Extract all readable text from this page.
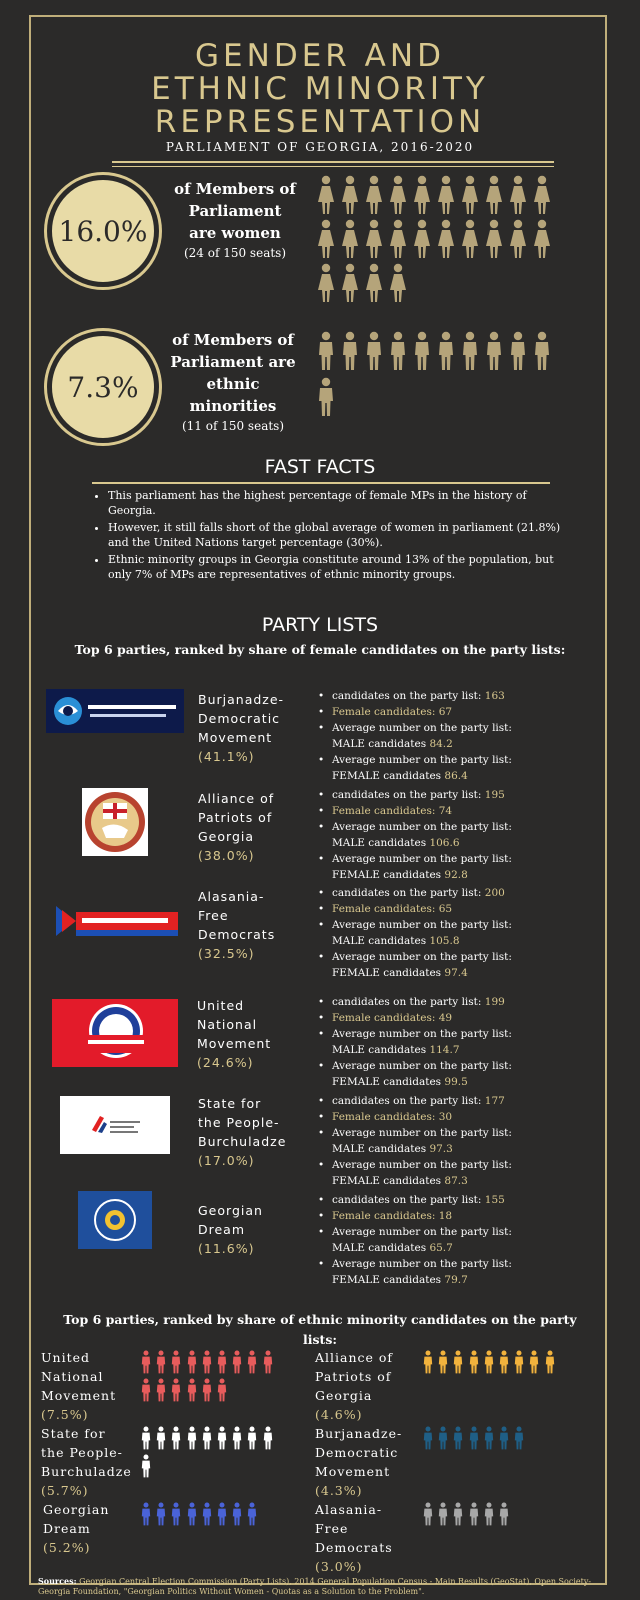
GENDER AND
ETHNIC MINORITY
REPRESENTATION
PARLIAMENT OF GEORGIA, 2016-2020
16.0%
of Members of
Parliament
are women
(24 of 150 seats)
7.3%
of Members of
Parliament are
ethnic
minorities
(11 of 150 seats)
FAST FACTS
• This parliament has the highest percentage of female MPs in the history of Georgia.
• However, it still falls short of the global average of women in parliament (21.8%) and the United Nations target percentage (30%).
• Ethnic minority groups in Georgia constitute around 13% of the population, but only 7% of MPs are representatives of ethnic minority groups.
PARTY LISTS
Top 6 parties, ranked by share of female candidates on the party lists:
Burjanadze-
Democratic
Movement
(41.1%)
Alliance of
Patriots of
Georgia
(38.0%)
Alasania-
Free
Democrats
(32.5%)
United
National
Movement
(24.6%)
State for
the People-
Burchuladze
(17.0%)
Georgian
Dream
(11.6%)
• candidates on the party list: 163
• Female candidates: 67
• Average number on the party list:
MALE candidates 84.2
• Average number on the party list:
FEMALE candidates 86.4
• candidates on the party list: 195
• Female candidates: 74
• Average number on the party list:
MALE candidates 106.6
• Average number on the party list:
FEMALE candidates 92.8
• candidates on the party list: 200
• Female candidates: 65
• Average number on the party list:
MALE candidates 105.8
• Average number on the party list:
FEMALE candidates 97.4
• candidates on the party list: 199
• Female candidates: 49
• Average number on the party list:
MALE candidates 114.7
• Average number on the party list:
FEMALE candidates 99.5
• candidates on the party list: 177
• Female candidates: 30
• Average number on the party list:
MALE candidates 97.3
• Average number on the party list:
FEMALE candidates 87.3
• candidates on the party list: 155
• Female candidates: 18
• Average number on the party list:
MALE candidates 65.7
• Average number on the party list:
FEMALE candidates 79.7
Top 6 parties, ranked by share of ethnic minority candidates on the party lists:
United
National
Movement
(7.5%)
Alliance of
Patriots of
Georgia
(4.6%)
State for
the People-
Burchuladze
(5.7%)
Burjanadze-
Democratic
Movement
(4.3%)
Georgian
Dream
(5.2%)
Alasania-
Free
Democrats
(3.0%)
Sources: Georgian Central Election Commission (Party Lists), 2014 General Population Census - Main Results (GeoStat), Open Society-Georgia Foundation, "Georgian Politics Without Women - Quotas as a Solution to the Problem".
